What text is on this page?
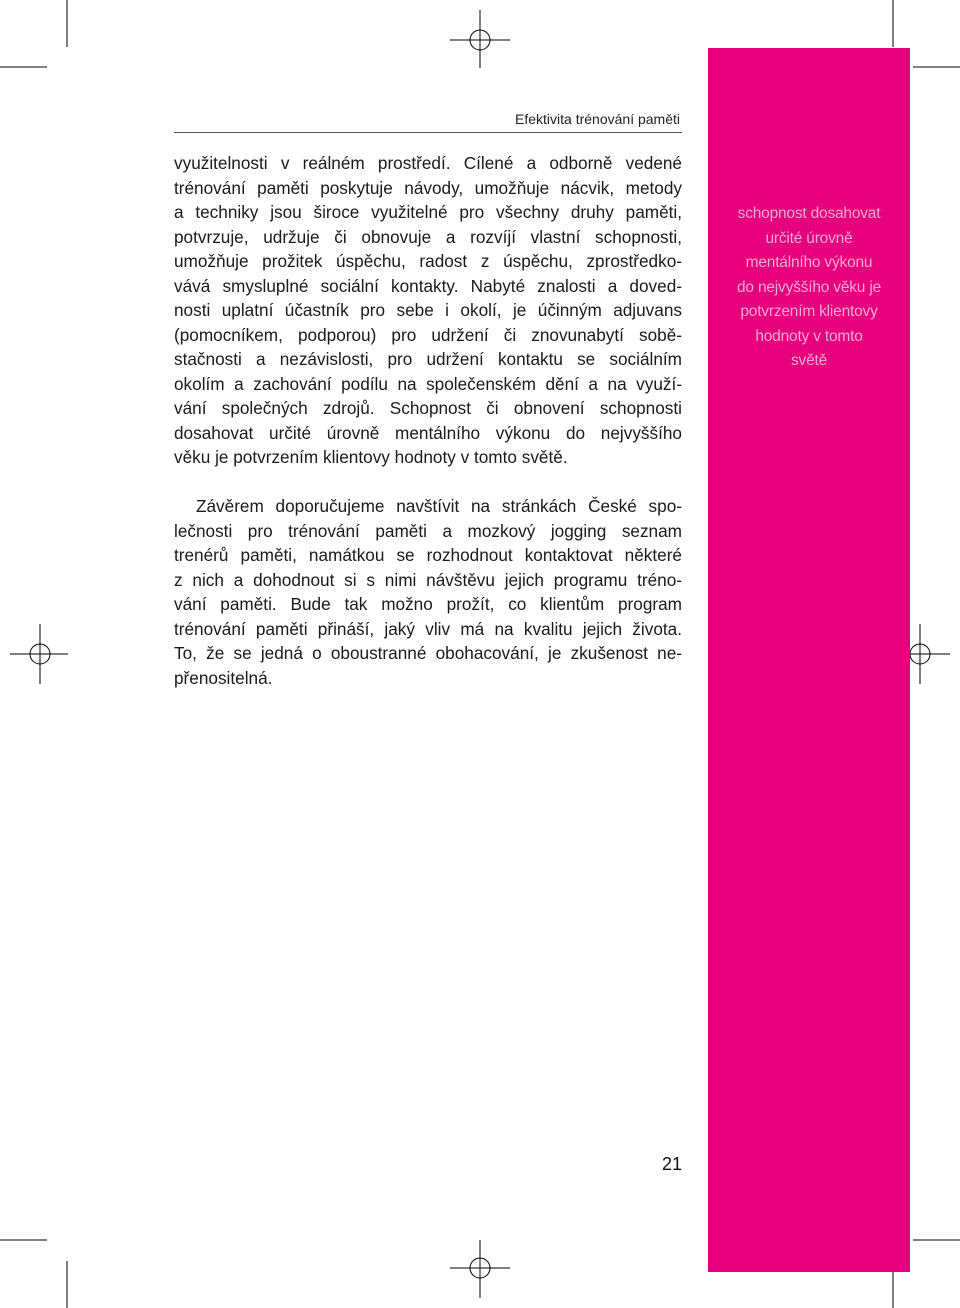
schopnost dosahovat
určité úrovně
mentálního výkonu
do nejvyššího věku je
potvrzením klientovy
hodnoty v tomto
světě
Efektivita trénování paměti
využitelnosti v reálném prostředí. Cílené a odborně vedené
trénování paměti poskytuje návody, umožňuje nácvik, metody
a techniky jsou široce využitelné pro všechny druhy paměti,
potvrzuje, udržuje či obnovuje a rozvíjí vlastní schopnosti,
umožňuje prožitek úspěchu, radost z úspěchu, zprostředko-
vává smysluplné sociální kontakty. Nabyté znalosti a doved-
nosti uplatní účastník pro sebe i okolí, je účinným adjuvans
(pomocníkem, podporou) pro udržení či znovunabytí sobě-
stačnosti a nezávislosti, pro udržení kontaktu se sociálním
okolím a zachování podílu na společenském dění a na využí-
vání společných zdrojů. Schopnost či obnovení schopnosti
dosahovat určité úrovně mentálního výkonu do nejvyššího
věku je potvrzením klientovy hodnoty v tomto světě.
Závěrem doporučujeme navštívit na stránkách České spo-
lečnosti pro trénování paměti a mozkový jogging seznam
trenérů paměti, namátkou se rozhodnout kontaktovat některé
z nich a dohodnout si s nimi návštěvu jejich programu tréno-
vání paměti. Bude tak možno prožít, co klientům program
trénování paměti přináší, jaký vliv má na kvalitu jejich života.
To, že se jedná o oboustranné obohacování, je zkušenost ne-
přenositelná.
21
